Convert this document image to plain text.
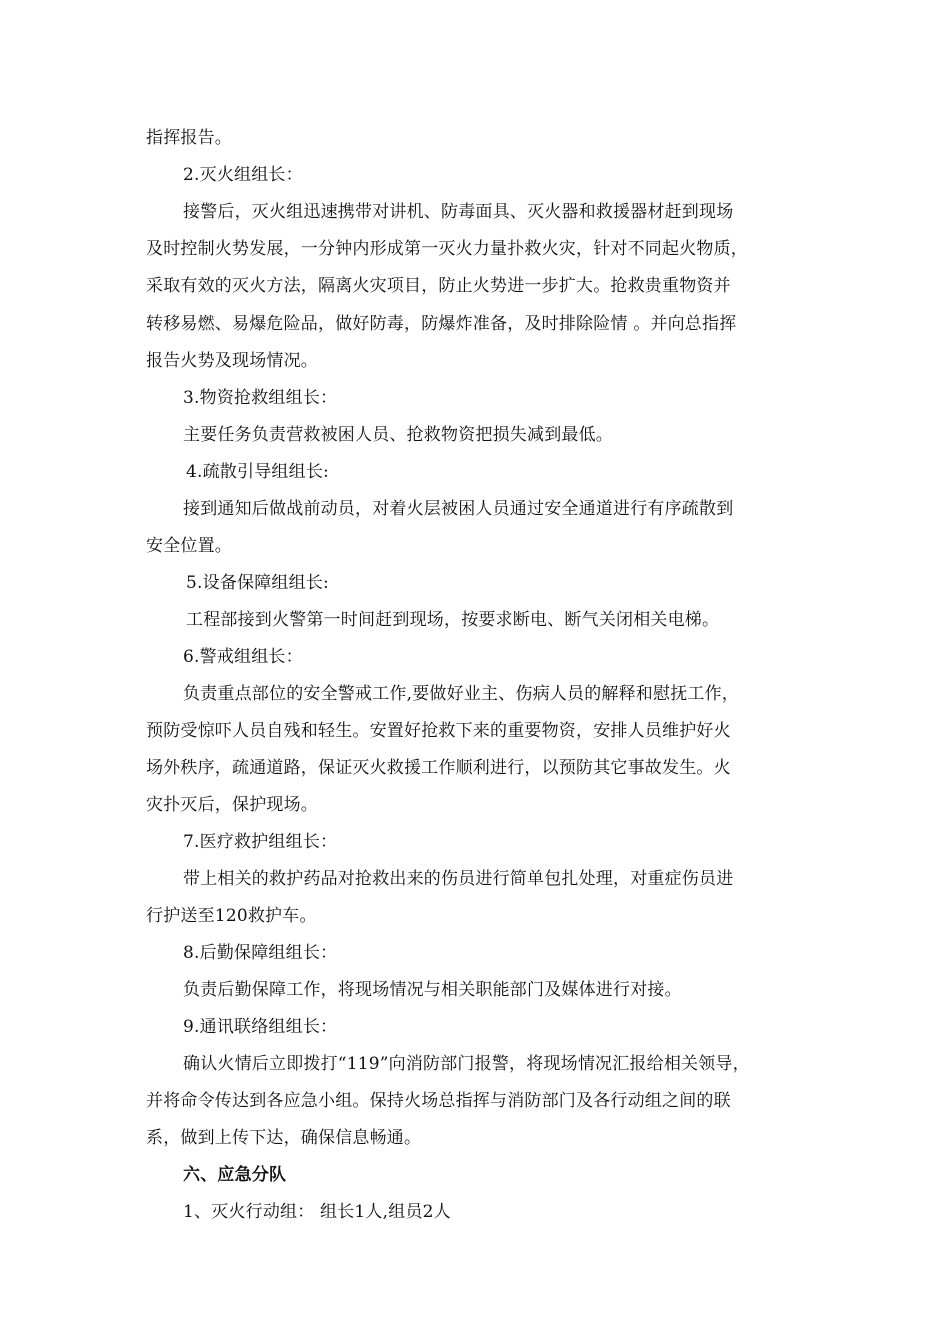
指挥报告。
2.灭火组组长：
接警后，灭火组迅速携带对讲机、防毒面具、灭火器和救援器材赶到现场
及时控制火势发展，一分钟内形成第一灭火力量扑救火灾，针对不同起火物质，
采取有效的灭火方法，隔离火灾项目，防止火势进一步扩大。抢救贵重物资并
转移易燃、易爆危险品，做好防毒，防爆炸准备，及时排除险情 。并向总指挥
报告火势及现场情况。
3.物资抢救组组长：
主要任务负责营救被困人员、抢救物资把损失减到最低。
4.疏散引导组组长:
接到通知后做战前动员，对着火层被困人员通过安全通道进行有序疏散到
安全位置。
5.设备保障组组长:
工程部接到火警第一时间赶到现场，按要求断电、断气关闭相关电梯。
6.警戒组组长：
负责重点部位的安全警戒工作,要做好业主、伤病人员的解释和慰抚工作，
预防受惊吓人员自残和轻生。安置好抢救下来的重要物资，安排人员维护好火
场外秩序，疏通道路，保证灭火救援工作顺利进行，以预防其它事故发生。火
灾扑灭后，保护现场。
7.医疗救护组组长：
带上相关的救护药品对抢救出来的伤员进行简单包扎处理，对重症伤员进
行护送至120救护车。
8.后勤保障组组长：
负责后勤保障工作，将现场情况与相关职能部门及媒体进行对接。
9.通讯联络组组长：
确认火情后立即拨打“119”向消防部门报警，将现场情况汇报给相关领导，
并将命令传达到各应急小组。保持火场总指挥与消防部门及各行动组之间的联
系，做到上传下达，确保信息畅通。
六、应急分队
1、灭火行动组： 组长1人,组员2人
